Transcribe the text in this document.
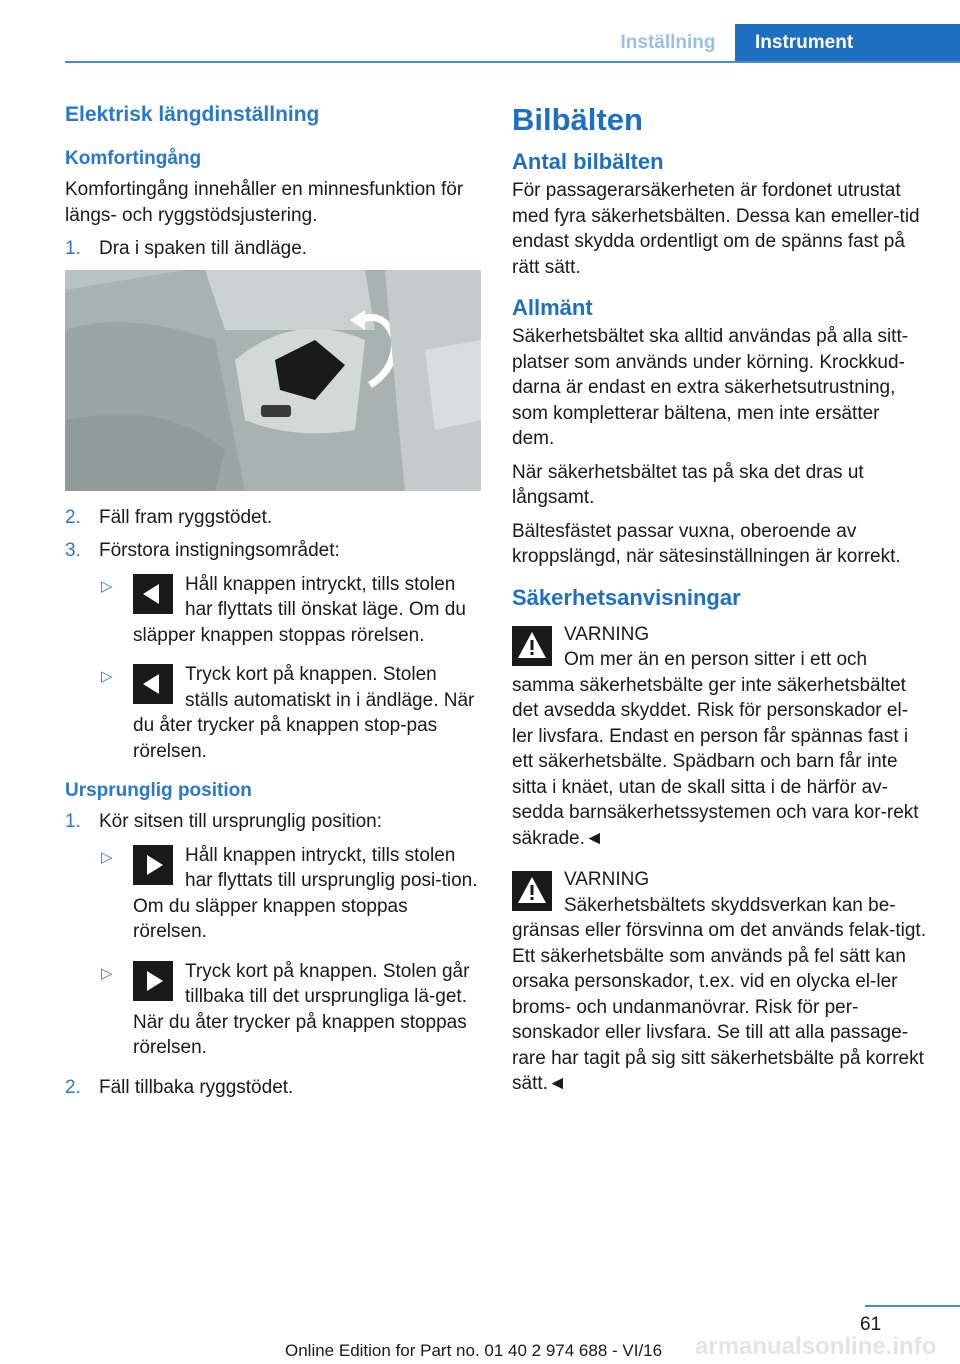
Inställning	Instrument
Elektrisk längdinställning
Komfortingång

Komfortingång innehåller en minnesfunktion för längs- och ryggstödsjustering.

1. Dra i spaken till ändläge.
2. Fäll fram ryggstödet.
3. Förstora instigningsområdet:
▷	Håll knappen intryckt, tills stolen har flyttats till önskat läge. Om du släpper knappen stoppas rörelsen.
▷	Tryck kort på knappen. Stolen ställs automatiskt in i ändläge. När du åter trycker på knappen stop‐pas rörelsen.
Ursprunglig position
1. Kör sitsen till ursprunglig position:
▷	Håll knappen intryckt, tills stolen har flyttats till ursprunglig posi‐tion. Om du släpper knappen stoppas rörelsen.
▷	Tryck kort på knappen. Stolen går tillbaka till det ursprungliga lä‐get. När du åter trycker på knappen stoppas rörelsen.
2. Fäll tillbaka ryggstödet.
Bilbälten
Antal bilbälten

För passagerarsäkerheten är fordonet utrustat med fyra säkerhetsbälten. Dessa kan emeller‐tid endast skydda ordentligt om de spänns fast på rätt sätt.

Allmänt

Säkerhetsbältet ska alltid användas på alla sitt‐platser som används under körning. Krockkud‐darna är endast en extra säkerhetsutrustning, som kompletterar bältena, men inte ersätter dem.

När säkerhetsbältet tas på ska det dras ut långsamt.

Bältesfästet passar vuxna, oberoende av kroppslängd, när sätesinställningen är korrekt.

Säkerhetsanvisningar

VARNING

Om mer än en person sitter i ett och samma säkerhetsbälte ger inte säkerhetsbältet det avsedda skyddet. Risk för personskador el‐ler livsfara. Endast en person får spännas fast i ett säkerhetsbälte. Spädbarn och barn får inte sitta i knäet, utan de skall sitta i de härför av‐sedda barnsäkerhetssystemen och vara kor‐rekt säkrade.◄

VARNING

Säkerhetsbältets skyddsverkan kan be‐gränsas eller försvinna om det används felak‐tigt. Ett säkerhetsbälte som används på fel sätt kan orsaka personskador, t.ex. vid en olycka el‐ler broms- och undanmanövrar. Risk för per‐sonskador eller livsfara. Se till att alla passage‐rare har tagit på sig sitt säkerhetsbälte på korrekt sätt.◄

61
armanualsonline.info
Online Edition for Part no. 01 40 2 974 688 - VI/16
